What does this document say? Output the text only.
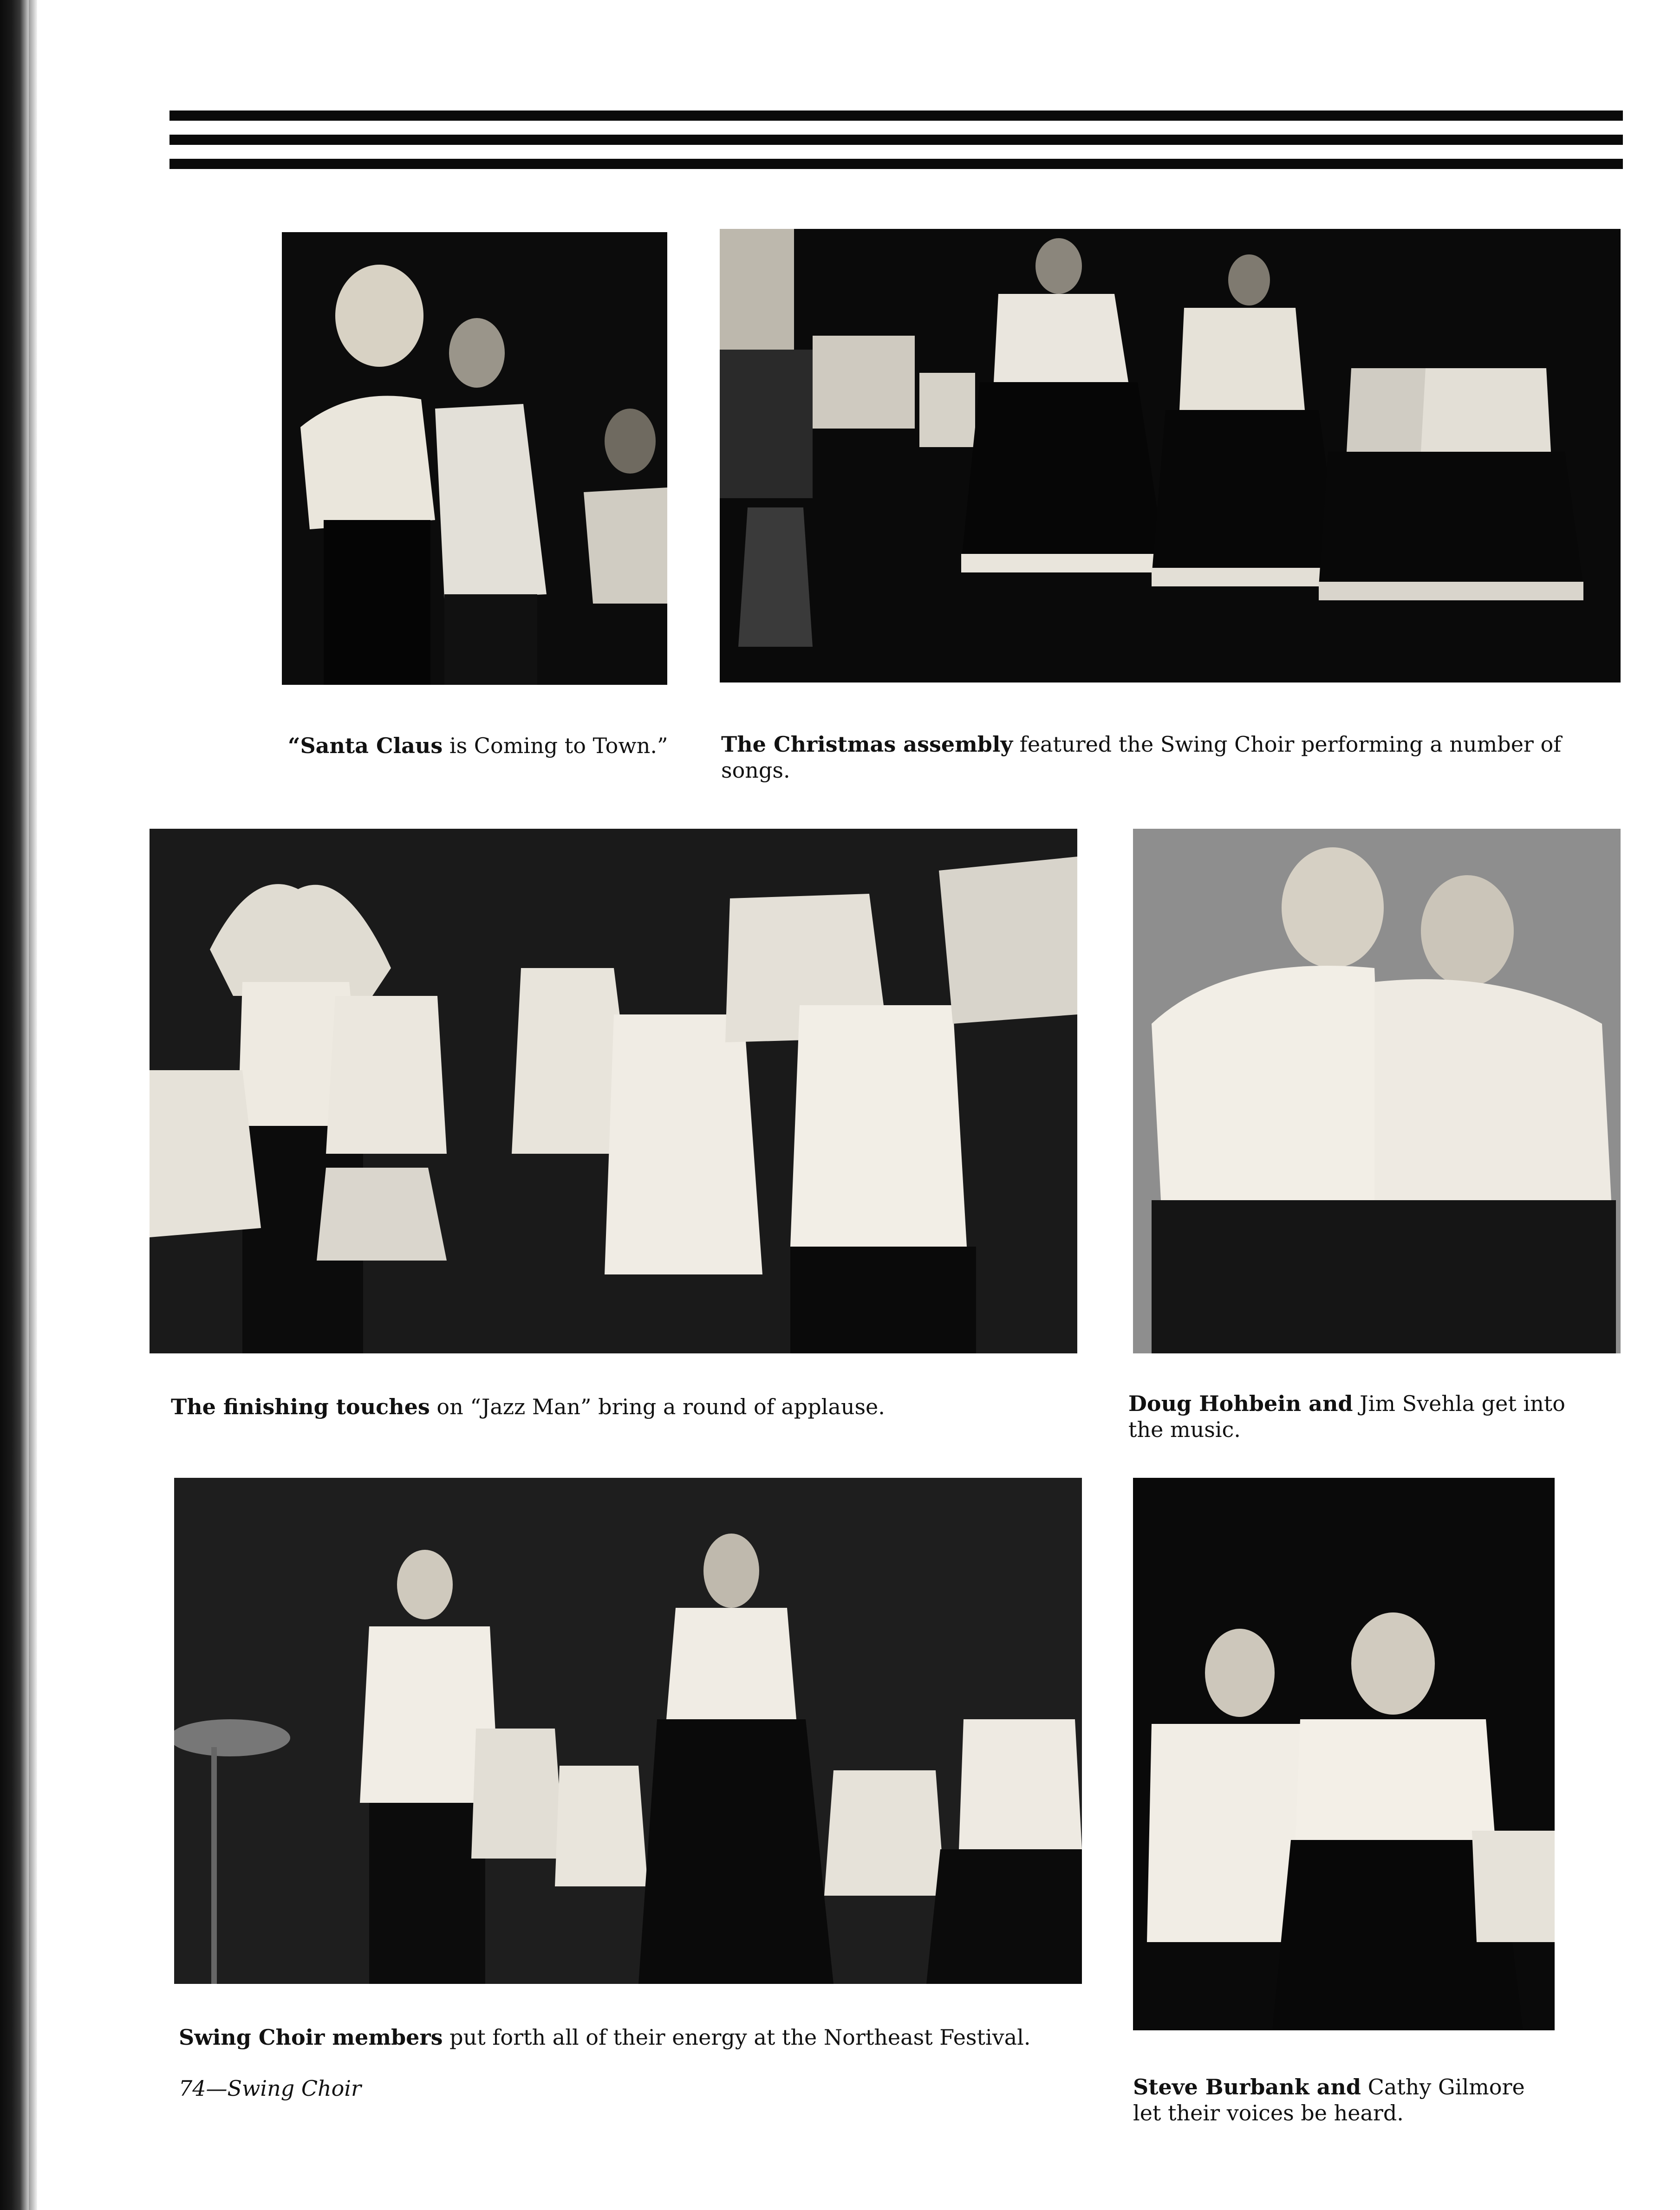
“Santa Claus is Coming to Town.”	The Christmas assembly featured the Swing Choir performing a number of songs.
The finishing touches on “Jazz Man” bring a round of applause.	Doug Hohbein and Jim Svehla get into the music.
Swing Choir members put forth all of their energy at the Northeast Festival.
Steve Burbank and Cathy Gilmore let their voices be heard.
74—Swing Choir
